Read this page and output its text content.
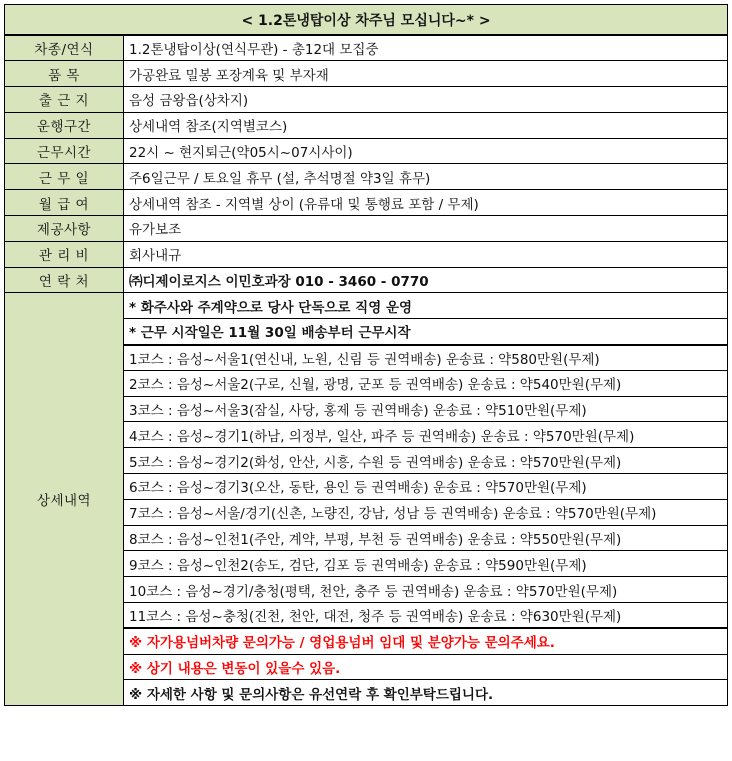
< 1.2톤냉탑이상 차주님 모십니다~* >	
차종/연식	1.2톤냉탑이상(연식무관) - 총12대 모집중
품 목	가공완료 밀봉 포장계육 및 부자재
출 근 지	음성 금왕읍(상차지)
운행구간	상세내역 참조(지역별코스)
근무시간	22시 ~ 현지퇴근(약05시~07시사이)
근 무 일	주6일근무 / 토요일 휴무 (설, 추석명절 약3일 휴무)
월 급 여	상세내역 참조 - 지역별 상이 (유류대 및 통행료 포함 / 무제)
제공사항	유가보조
관 리 비	회사내규
연 락 처	㈜디제이로지스 이민호과장 010 - 3460 - 0770
상세내역	* 화주사와 주계약으로 당사 단독으로 직영 운영
	* 근무 시작일은 11월 30일 배송부터 근무시작
	1코스 : 음성~서울1(연신내, 노원, 신림 등 권역배송) 운송료 : 약580만원(무제)
	2코스 : 음성~서울2(구로, 신월, 광명, 군포 등 권역배송) 운송료 : 약540만원(무제)
	3코스 : 음성~서울3(잠실, 사당, 홍제 등 권역배송) 운송료 : 약510만원(무제)
	4코스 : 음성~경기1(하남, 의정부, 일산, 파주 등 권역배송) 운송료 : 약570만원(무제)
	5코스 : 음성~경기2(화성, 안산, 시흥, 수원 등 권역배송) 운송료 : 약570만원(무제)
	6코스 : 음성~경기3(오산, 동탄, 용인 등 권역배송) 운송료 : 약570만원(무제)
	7코스 : 음성~서울/경기(신촌, 노량진, 강남, 성남 등 권역배송) 운송료 : 약570만원(무제)
	8코스 : 음성~인천1(주안, 계약, 부평, 부천 등 권역배송) 운송료 : 약550만원(무제)
	9코스 : 음성~인천2(송도, 검단, 김포 등 권역배송) 운송료 : 약590만원(무제)
	10코스 : 음성~경기/충청(평택, 천안, 충주 등 권역배송) 운송료 : 약570만원(무제)
	11코스 : 음성~충청(진천, 천안, 대전, 청주 등 권역배송) 운송료 : 약630만원(무제)
	※ 자가용넘버차량 문의가능 / 영업용넘버 임대 및 분양가능 문의주세요.
	※ 상기 내용은 변동이 있을수 있음.
	※ 자세한 사항 및 문의사항은 유선연락 후 확인부탁드립니다.
